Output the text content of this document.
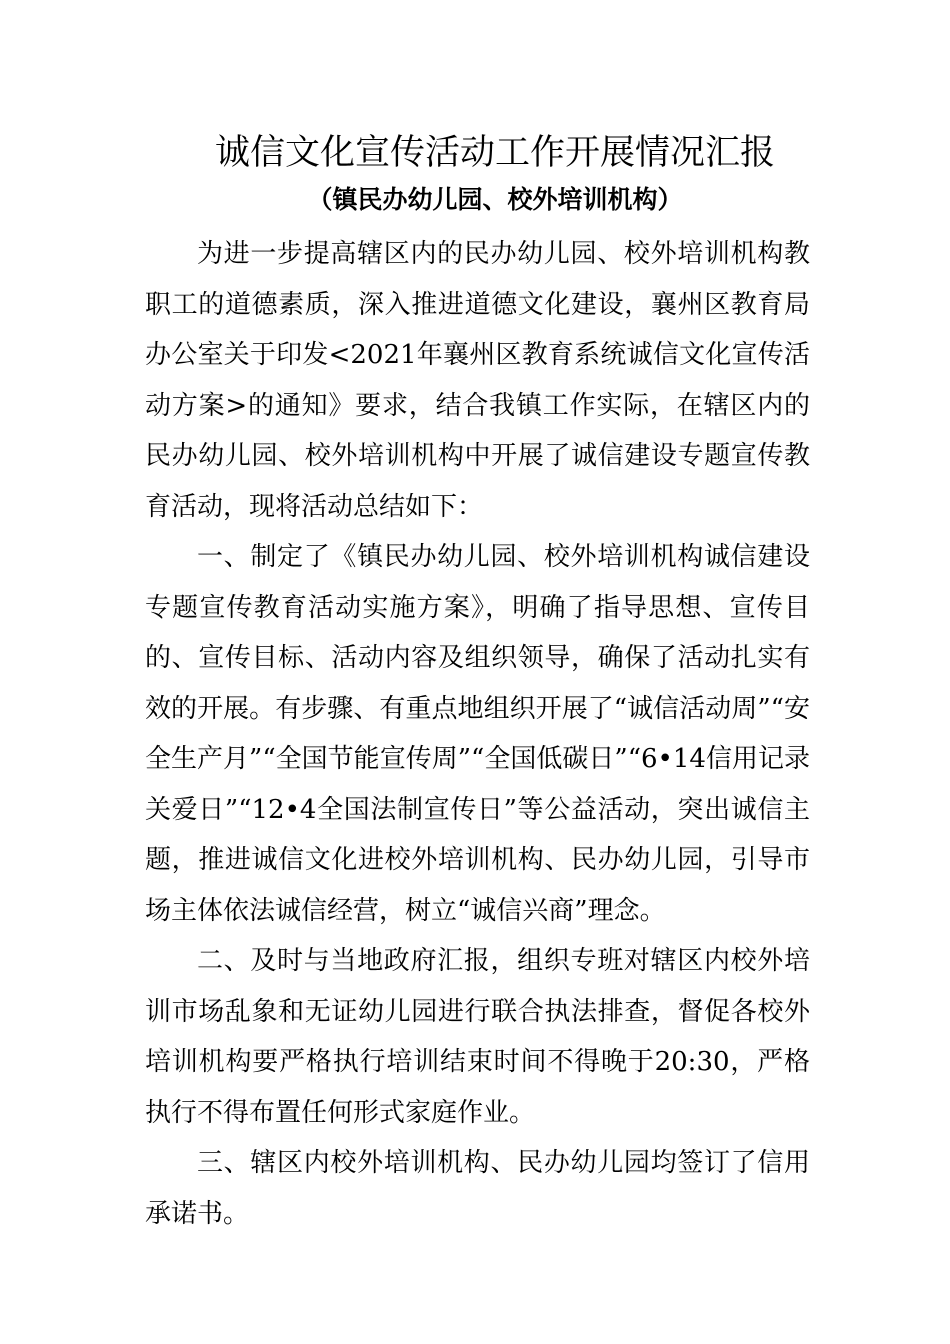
诚信文化宣传活动工作开展情况汇报
（镇民办幼儿园、校外培训机构）

为进一步提高辖区内的民办幼儿园、校外培训机构教职工的道德素质，深入推进道德文化建设，襄州区教育局办公室关于印发<2021年襄州区教育系统诚信文化宣传活动方案>的通知》要求，结合我镇工作实际，在辖区内的民办幼儿园、校外培训机构中开展了诚信建设专题宣传教育活动，现将活动总结如下：

一、制定了《镇民办幼儿园、校外培训机构诚信建设专题宣传教育活动实施方案》，明确了指导思想、宣传目的、宣传目标、活动内容及组织领导，确保了活动扎实有效的开展。有步骤、有重点地组织开展了“诚信活动周”“安全生产月”“全国节能宣传周”“全国低碳日”“6•14信用记录关爱日”“12•4全国法制宣传日”等公益活动，突出诚信主题，推进诚信文化进校外培训机构、民办幼儿园，引导市场主体依法诚信经营，树立“诚信兴商”理念。

二、及时与当地政府汇报，组织专班对辖区内校外培训市场乱象和无证幼儿园进行联合执法排查，督促各校外培训机构要严格执行培训结束时间不得晚于20:30，严格执行不得布置任何形式家庭作业。

三、辖区内校外培训机构、民办幼儿园均签订了信用承诺书。
